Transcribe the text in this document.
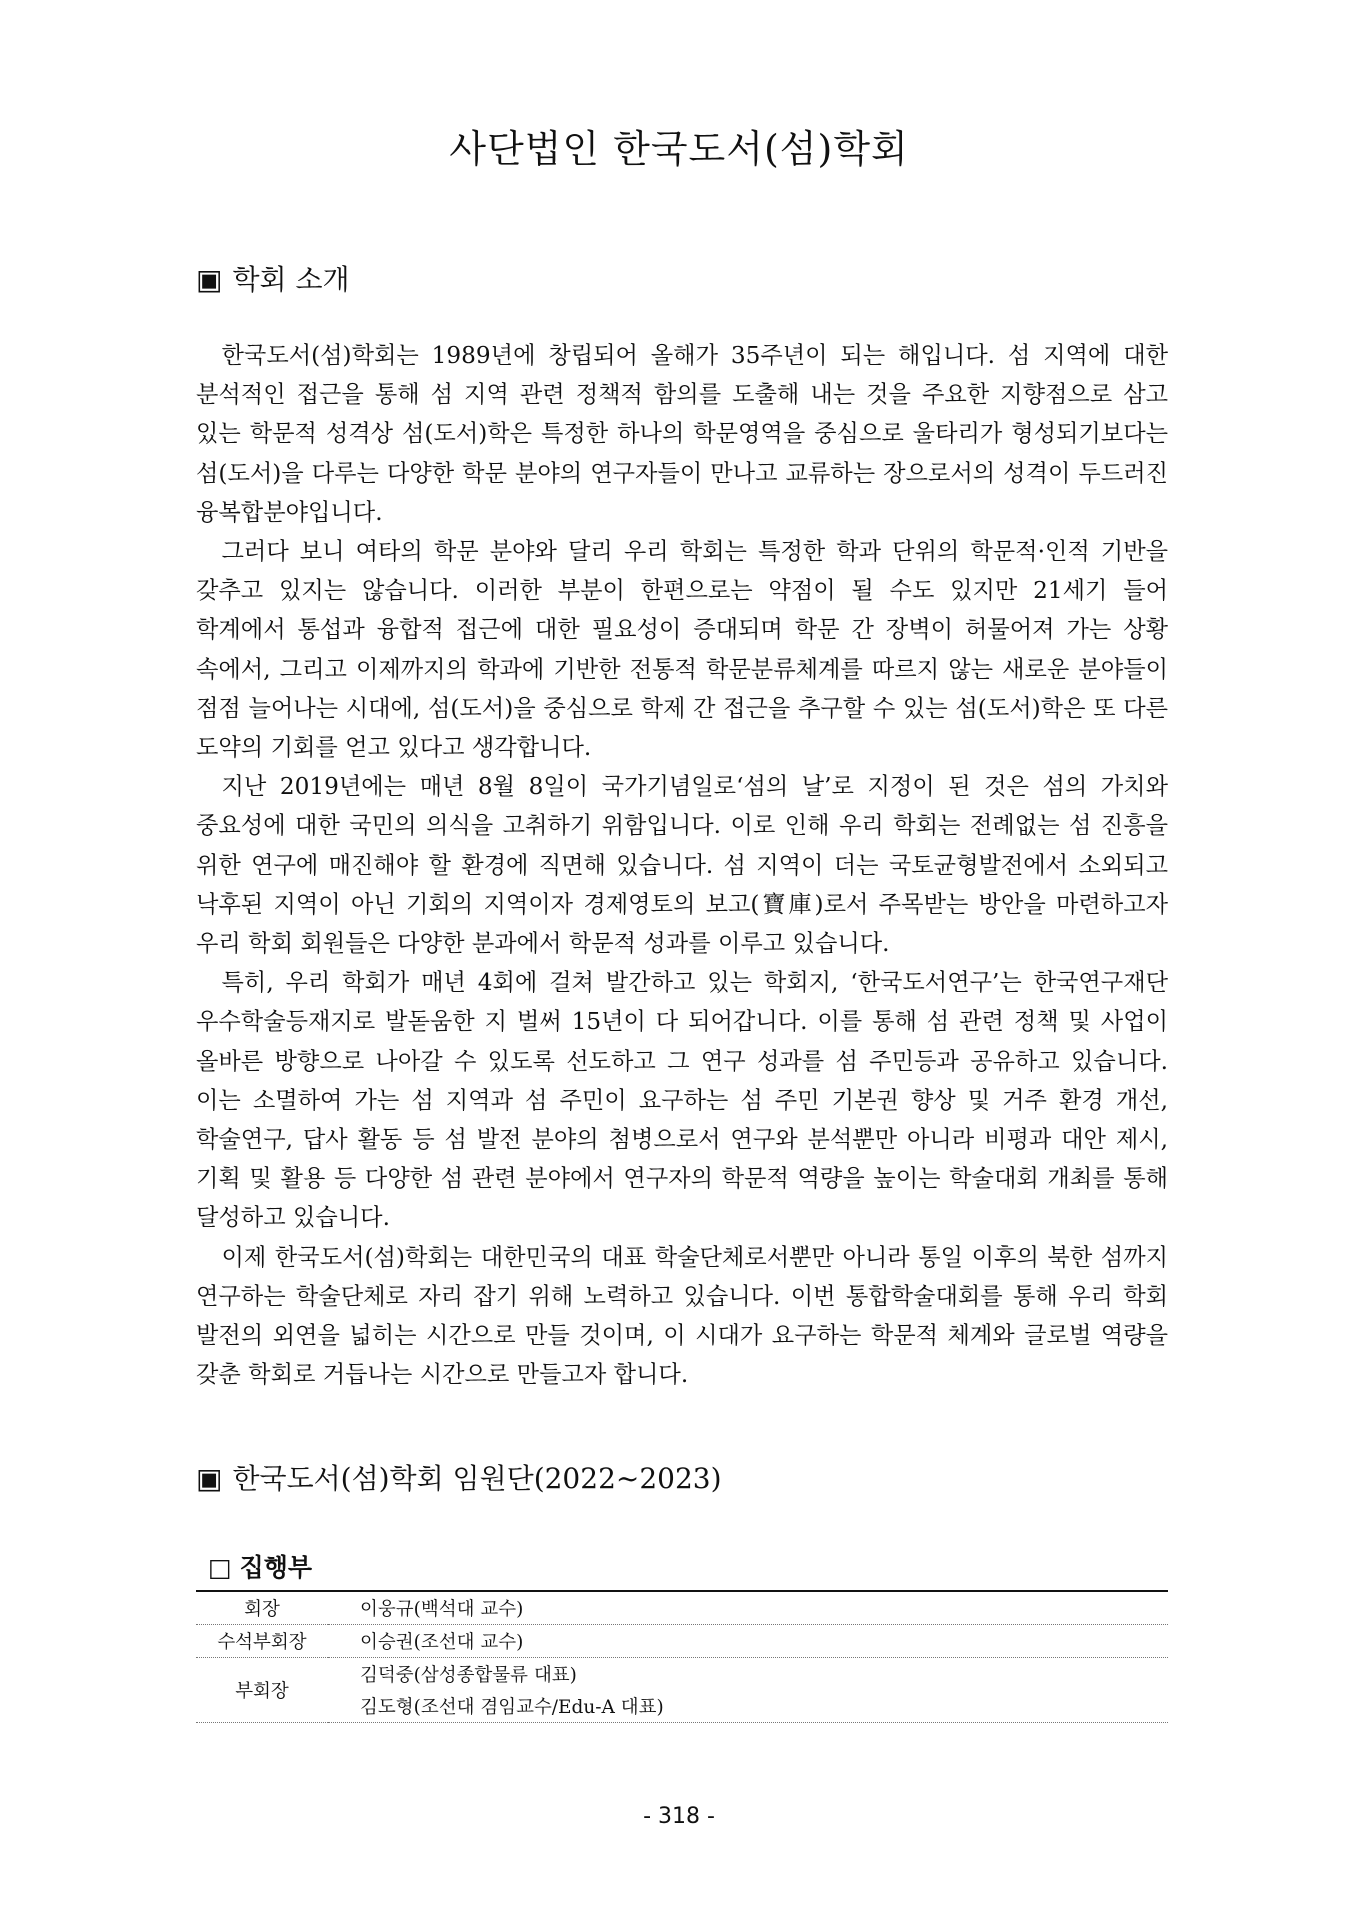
사단법인 한국도서(섬)학회
▣ 학회 소개

한국도서(섬)학회는 1989년에 창립되어 올해가 35주년이 되는 해입니다. 섬 지역에 대한 분석적인 접근을 통해 섬 지역 관련 정책적 함의를 도출해 내는 것을 주요한 지향점으로 삼고 있는 학문적 성격상 섬(도서)학은 특정한 하나의 학문영역을 중심으로 울타리가 형성되기보다는 섬(도서)을 다루는 다양한 학문 분야의 연구자들이 만나고 교류하는 장으로서의 성격이 두드러진 융복합분야입니다.

그러다 보니 여타의 학문 분야와 달리 우리 학회는 특정한 학과 단위의 학문적·인적 기반을 갖추고 있지는 않습니다. 이러한 부분이 한편으로는 약점이 될 수도 있지만 21세기 들어 학계에서 통섭과 융합적 접근에 대한 필요성이 증대되며 학문 간 장벽이 허물어져 가는 상황 속에서, 그리고 이제까지의 학과에 기반한 전통적 학문분류체계를 따르지 않는 새로운 분야들이 점점 늘어나는 시대에, 섬(도서)을 중심으로 학제 간 접근을 추구할 수 있는 섬(도서)학은 또 다른 도약의 기회를 얻고 있다고 생각합니다.

지난 2019년에는 매년 8월 8일이 국가기념일로‘섬의 날’로 지정이 된 것은 섬의 가치와 중요성에 대한 국민의 의식을 고취하기 위함입니다. 이로 인해 우리 학회는 전례없는 섬 진흥을 위한 연구에 매진해야 할 환경에 직면해 있습니다. 섬 지역이 더는 국토균형발전에서 소외되고 낙후된 지역이 아닌 기회의 지역이자 경제영토의 보고(寶庫)로서 주목받는 방안을 마련하고자 우리 학회 회원들은 다양한 분과에서 학문적 성과를 이루고 있습니다.

특히, 우리 학회가 매년 4회에 걸쳐 발간하고 있는 학회지, ‘한국도서연구’는 한국연구재단 우수학술등재지로 발돋움한 지 벌써 15년이 다 되어갑니다. 이를 통해 섬 관련 정책 및 사업이 올바른 방향으로 나아갈 수 있도록 선도하고 그 연구 성과를 섬 주민등과 공유하고 있습니다. 이는 소멸하여 가는 섬 지역과 섬 주민이 요구하는 섬 주민 기본권 향상 및 거주 환경 개선, 학술연구, 답사 활동 등 섬 발전 분야의 첨병으로서 연구와 분석뿐만 아니라 비평과 대안 제시, 기획 및 활용 등 다양한 섬 관련 분야에서 연구자의 학문적 역량을 높이는 학술대회 개최를 통해 달성하고 있습니다.

이제 한국도서(섬)학회는 대한민국의 대표 학술단체로서뿐만 아니라 통일 이후의 북한 섬까지 연구하는 학술단체로 자리 잡기 위해 노력하고 있습니다. 이번 통합학술대회를 통해 우리 학회 발전의 외연을 넓히는 시간으로 만들 것이며, 이 시대가 요구하는 학문적 체계와 글로벌 역량을 갖춘 학회로 거듭나는 시간으로 만들고자 합니다.

▣ 한국도서(섬)학회 임원단(2022~2023)
□ 집행부
회장	이웅규(백석대 교수)
수석부회장	이승권(조선대 교수)
부회장	김덕중(삼성종합물류 대표)
	김도형(조선대 겸임교수/Edu-A 대표)
- 318 -
